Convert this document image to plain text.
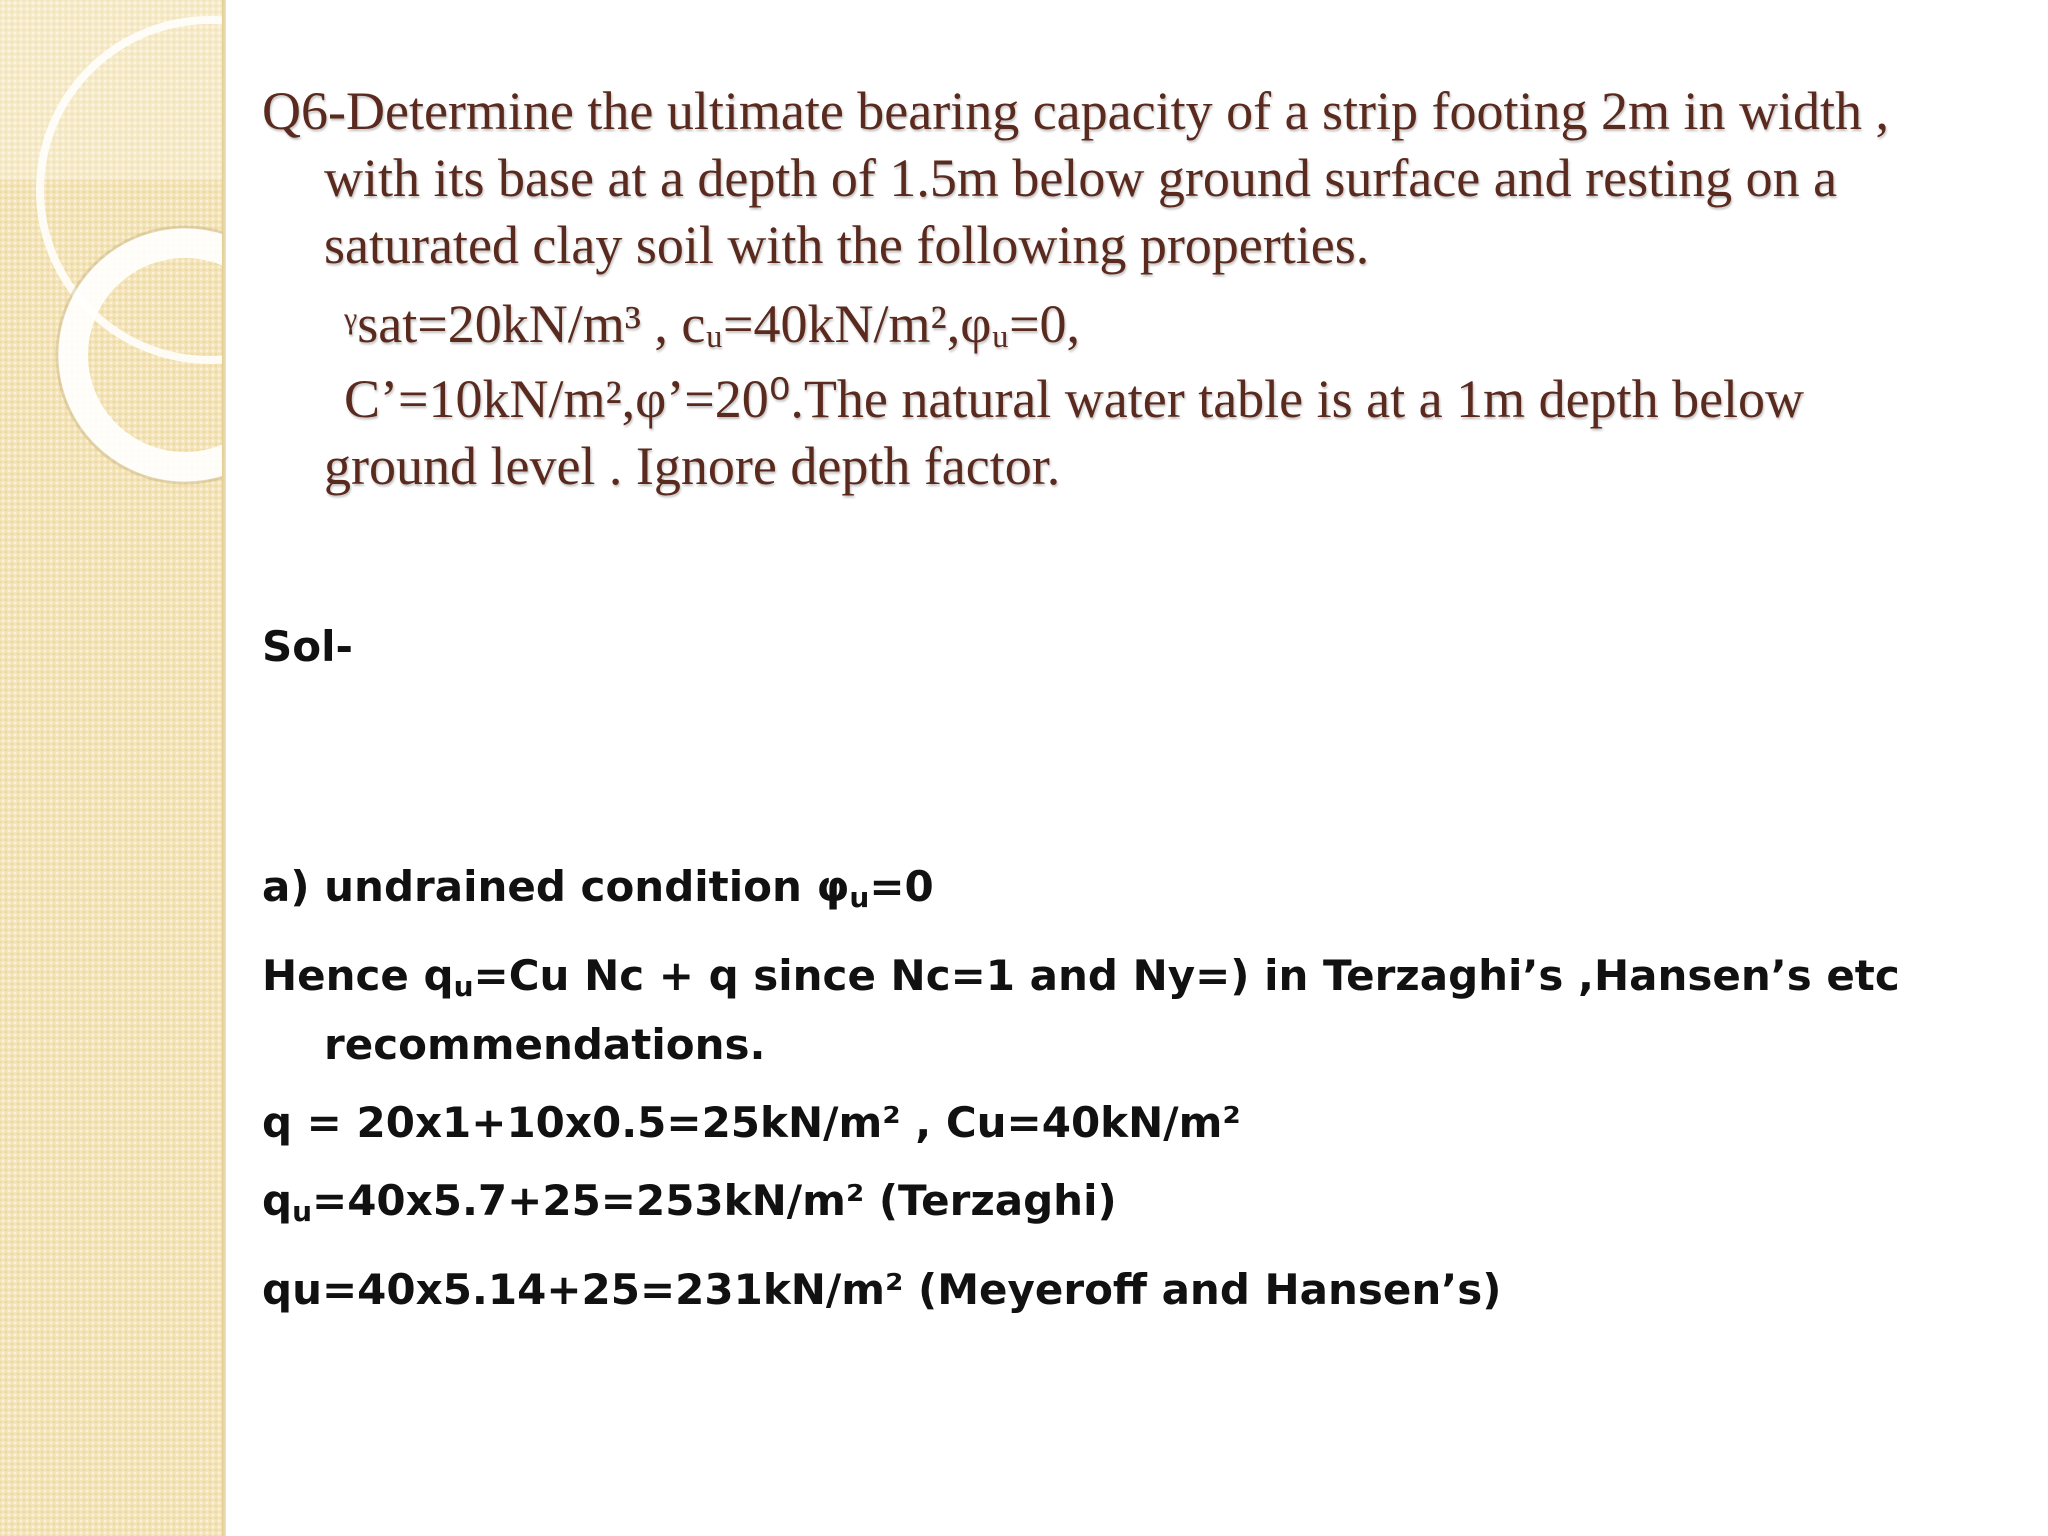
Q6-Determine the ultimate bearing capacity of a strip footing 2m in width , with its base at a depth of 1.5m below ground surface and resting on a saturated clay soil with the following properties.

$^\gamma$sat=20kN/m³ , cᵤ=40kN/m²,φᵤ=0,

C’=10kN/m²,φ’=20⁰.The natural water table is at a 1m depth below ground level . Ignore depth factor.

Sol-

a) undrained condition $\varphi_u=0$

Hence $q_u=Cu$ Nc + q since Nc=1 and Ny=) in Terzaghi’s ,Hansen’s etc recommendations.

q = 20x1+10x0.5=25kN/m² , Cu=40kN/m²

$q_u=40x5.7+25=253kN/m^2$ (Terzaghi)

qu=40x5.14+25=231kN/m² (Meyeroff and Hansen’s)
